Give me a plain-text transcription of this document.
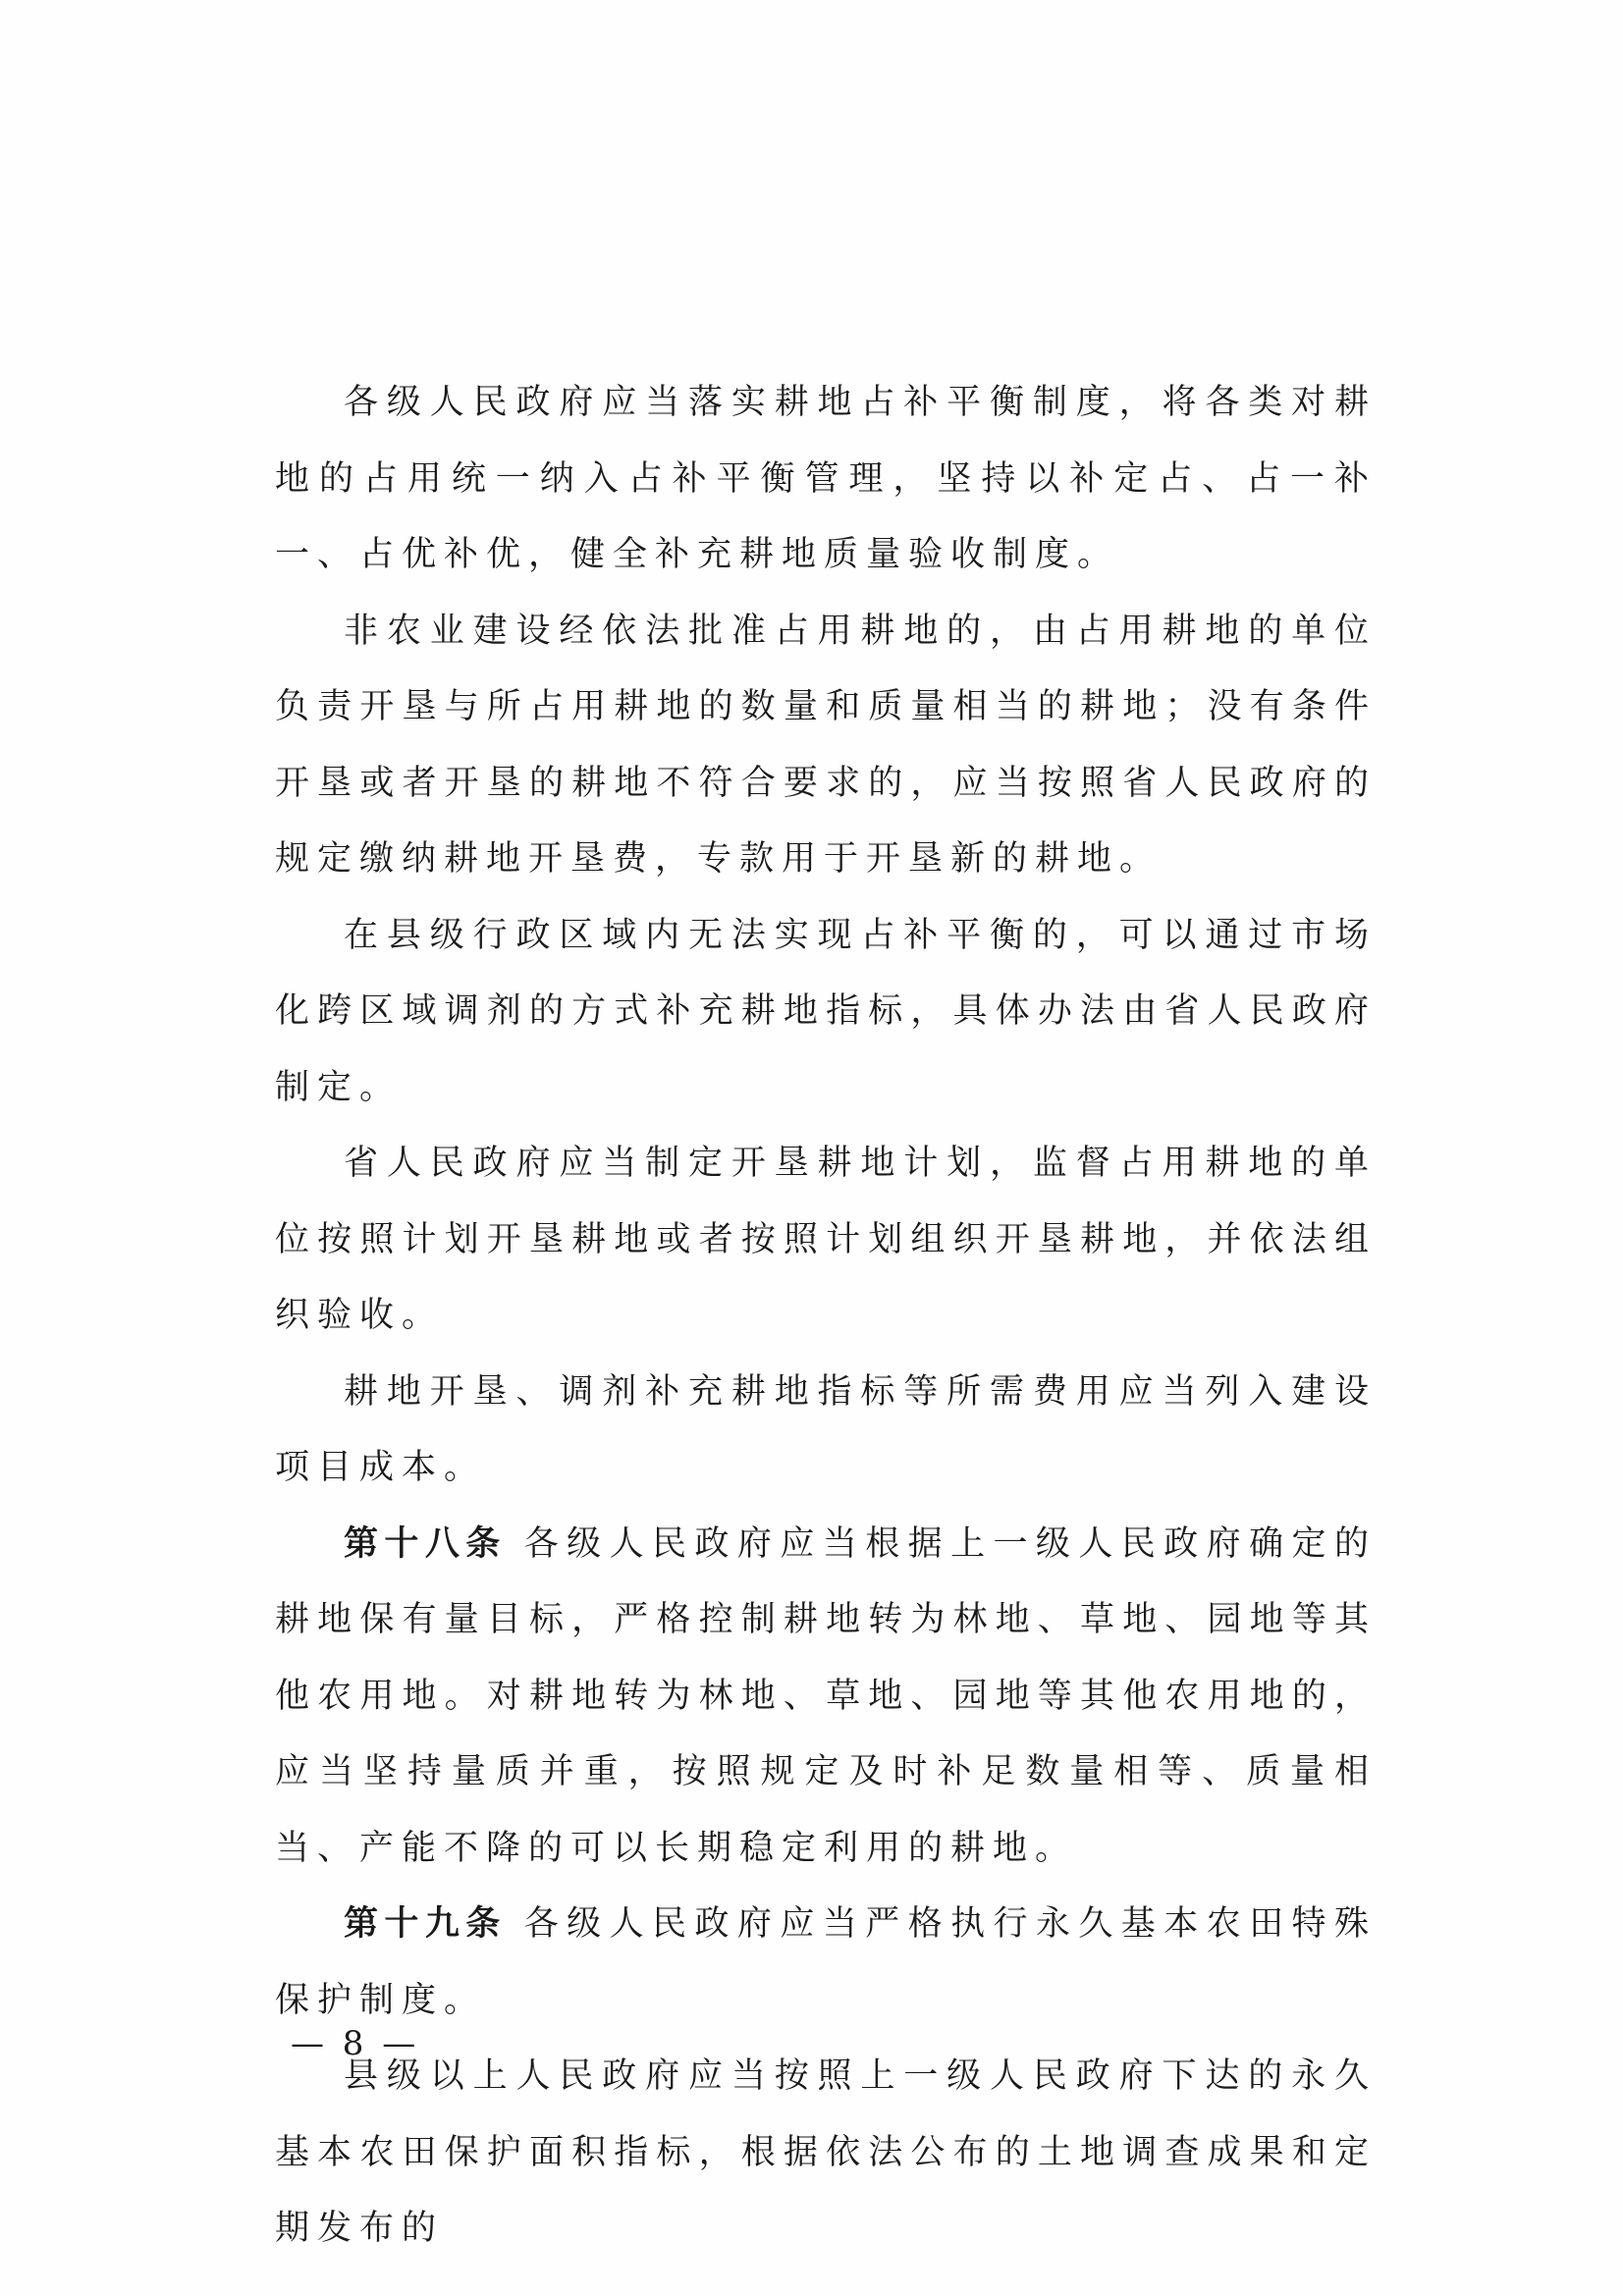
各级人民政府应当落实耕地占补平衡制度，将各类对耕地的占用统一纳入占补平衡管理，坚持以补定占、占一补一、占优补优，健全补充耕地质量验收制度。

非农业建设经依法批准占用耕地的，由占用耕地的单位负责开垦与所占用耕地的数量和质量相当的耕地；没有条件开垦或者开垦的耕地不符合要求的，应当按照省人民政府的规定缴纳耕地开垦费，专款用于开垦新的耕地。

在县级行政区域内无法实现占补平衡的，可以通过市场化跨区域调剂的方式补充耕地指标，具体办法由省人民政府制定。

省人民政府应当制定开垦耕地计划，监督占用耕地的单位按照计划开垦耕地或者按照计划组织开垦耕地，并依法组织验收。

耕地开垦、调剂补充耕地指标等所需费用应当列入建设项目成本。

第十八条 各级人民政府应当根据上一级人民政府确定的耕地保有量目标，严格控制耕地转为林地、草地、园地等其他农用地。对耕地转为林地、草地、园地等其他农用地的，应当坚持量质并重，按照规定及时补足数量相等、质量相当、产能不降的可以长期稳定利用的耕地。

第十九条 各级人民政府应当严格执行永久基本农田特殊保护制度。

县级以上人民政府应当按照上一级人民政府下达的永久基本农田保护面积指标，根据依法公布的土地调查成果和定期发布的

— 8 —
